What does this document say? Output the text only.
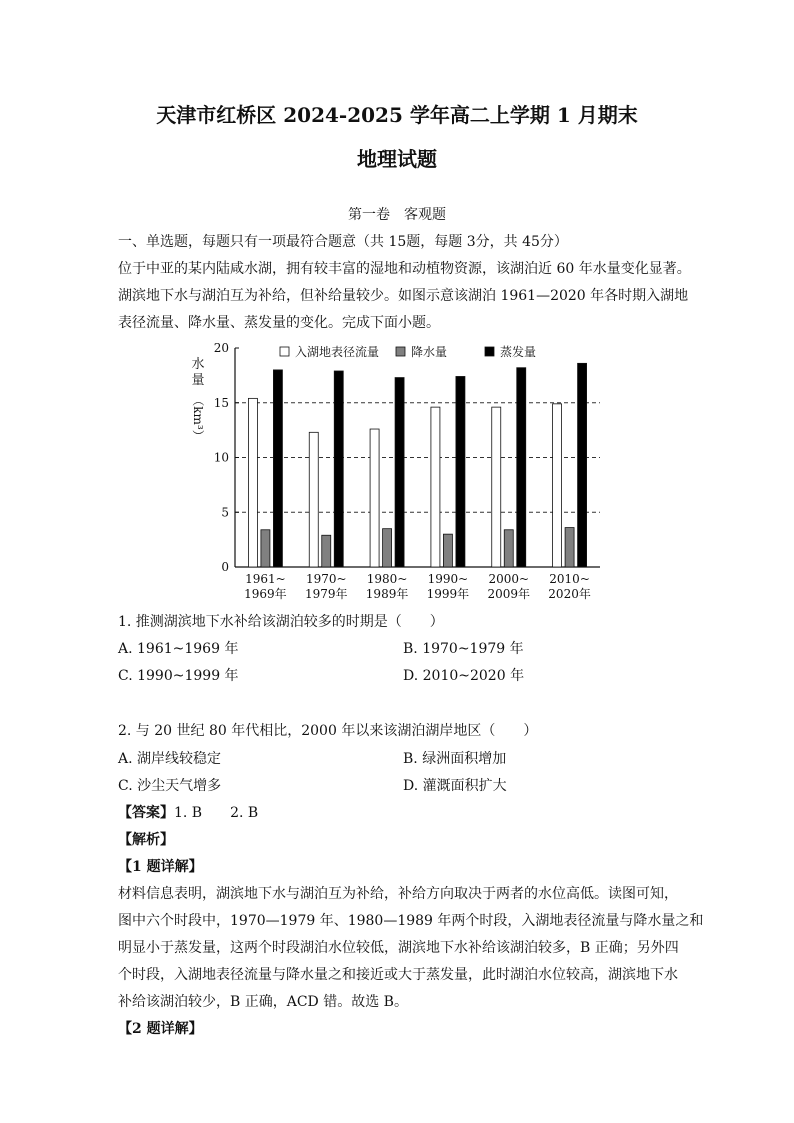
天津市红桥区 2024-2025 学年高二上学期 1 月期末
地理试题
第一卷　客观题
一、单选题，每题只有一项最符合题意（共 15题，每题 3分，共 45分）
位于中亚的某内陆咸水湖，拥有较丰富的湿地和动植物资源，该湖泊近 60 年水量变化显著。
湖滨地下水与湖泊互为补给，但补给量较少。如图示意该湖泊 1961—2020 年各时期入湖地
表径流量、降水量、蒸发量的变化。完成下面小题。
0
5
10
15
20
水
量
（km³）
1961~
1969年
1970~
1979年
1980~
1989年
1990~
1999年
2000~
2009年
2010~
2020年
入湖地表径流量	降水量	蒸发量
1. 推测湖滨地下水补给该湖泊较多的时期是（　　）
A. 1961~1969 年	B. 1970~1979 年
C. 1990~1999 年	D. 2010~2020 年
2. 与 20 世纪 80 年代相比，2000 年以来该湖泊湖岸地区（　　）
A. 湖岸线较稳定	B. 绿洲面积增加
C. 沙尘天气增多	D. 灌溉面积扩大
【答案】1. B　　2. B
【解析】
【1 题详解】
材料信息表明，湖滨地下水与湖泊互为补给，补给方向取决于两者的水位高低。读图可知，
图中六个时段中，1970—1979 年、1980—1989 年两个时段，入湖地表径流量与降水量之和
明显小于蒸发量，这两个时段湖泊水位较低，湖滨地下水补给该湖泊较多，B 正确；另外四
个时段，入湖地表径流量与降水量之和接近或大于蒸发量，此时湖泊水位较高，湖滨地下水
补给该湖泊较少，B 正确，ACD 错。故选 B。
【2 题详解】
